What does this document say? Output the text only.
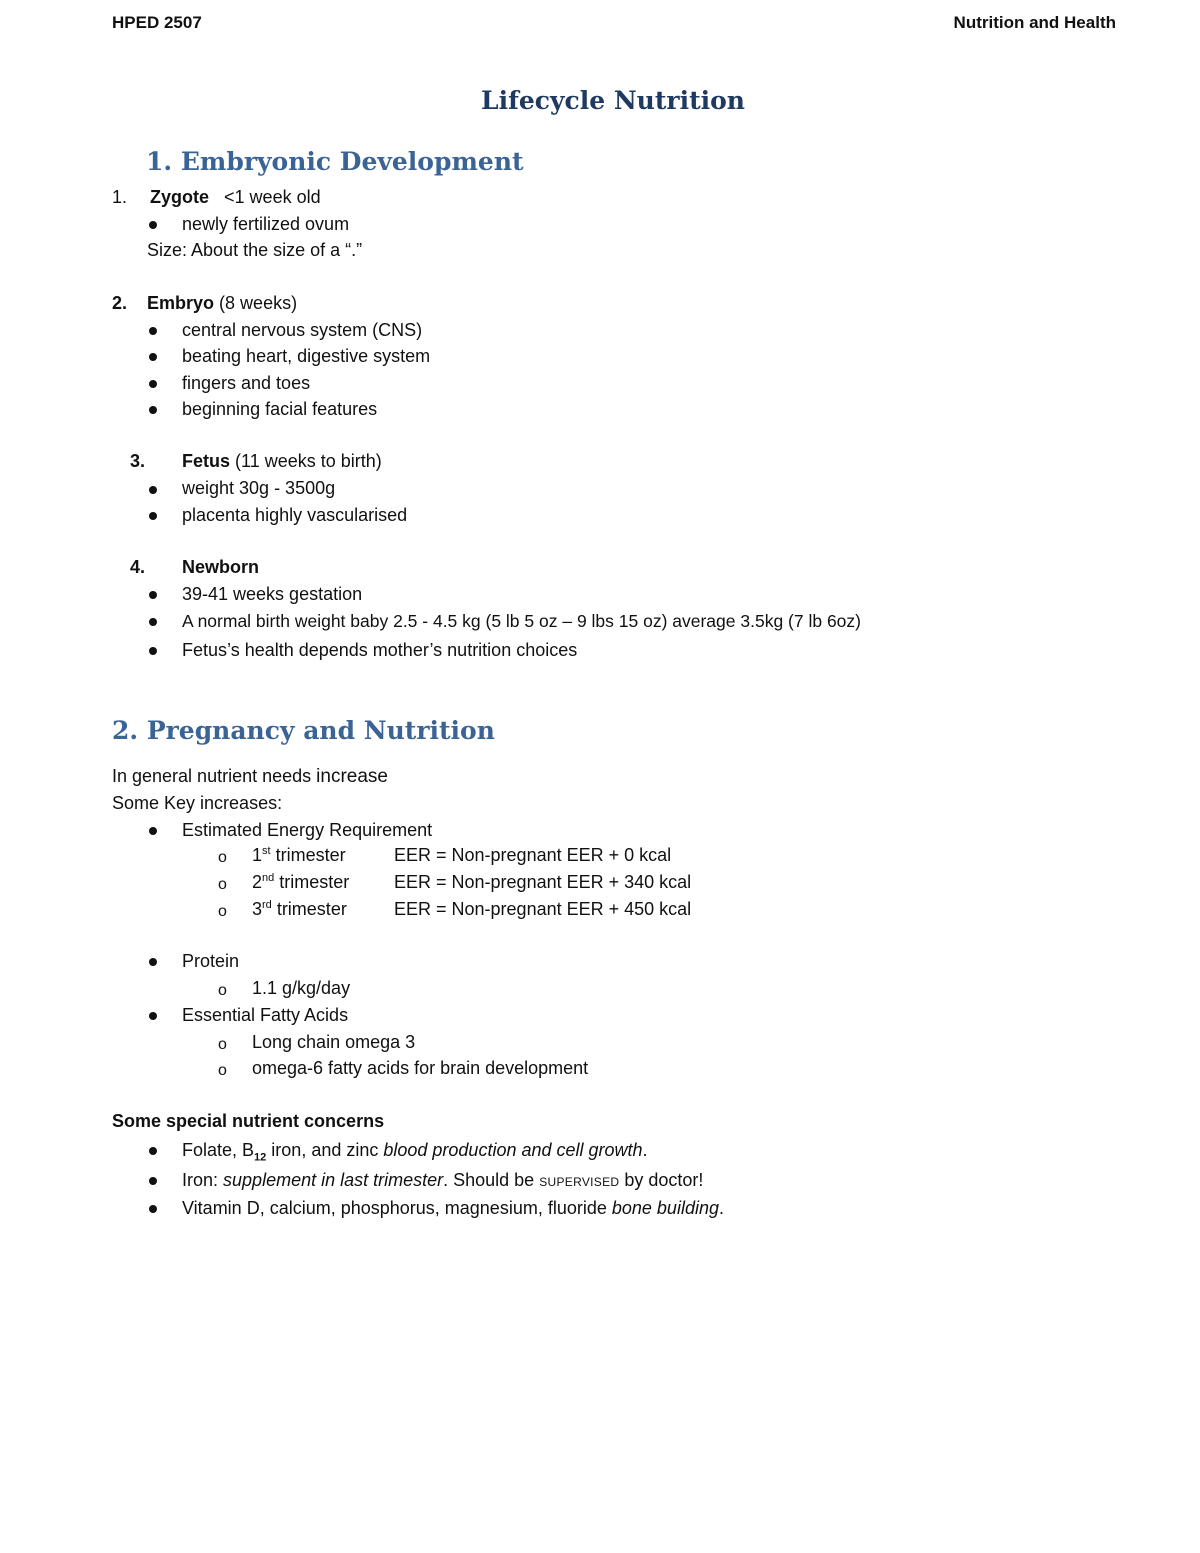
HPED 2507	Nutrition and Health
Lifecycle Nutrition
1. Embryonic Development
1. Zygote <1 week old
newly fertilized ovum
Size: About the size of a “.”
2. Embryo (8 weeks)
central nervous system (CNS)
beating heart, digestive system
fingers and toes
beginning facial features
3. Fetus (11 weeks to birth)
weight 30g - 3500g
placenta highly vascularised
4. Newborn
39-41 weeks gestation
A normal birth weight baby 2.5 - 4.5 kg (5 lb 5 oz – 9 lbs 15 oz) average 3.5kg (7 lb 6oz)
Fetus’s health depends mother’s nutrition choices
2. Pregnancy and Nutrition
In general nutrient needs increase
Some Key increases:
Estimated Energy Requirement
o 1st trimester	EER = Non-pregnant EER + 0 kcal
o 2nd trimester EER = Non-pregnant EER + 340 kcal
o 3rd trimester	EER = Non-pregnant EER + 450 kcal
Protein
o 1.1 g/kg/day
Essential Fatty Acids
o Long chain omega 3
o omega-6 fatty acids for brain development
Some special nutrient concerns
Folate, $B_{12}$ iron, and zinc blood production and cell growth.
Iron: supplement in last trimester. Should be SUPERVISED by doctor!
Vitamin D, calcium, phosphorus, magnesium, fluoride bone building.
